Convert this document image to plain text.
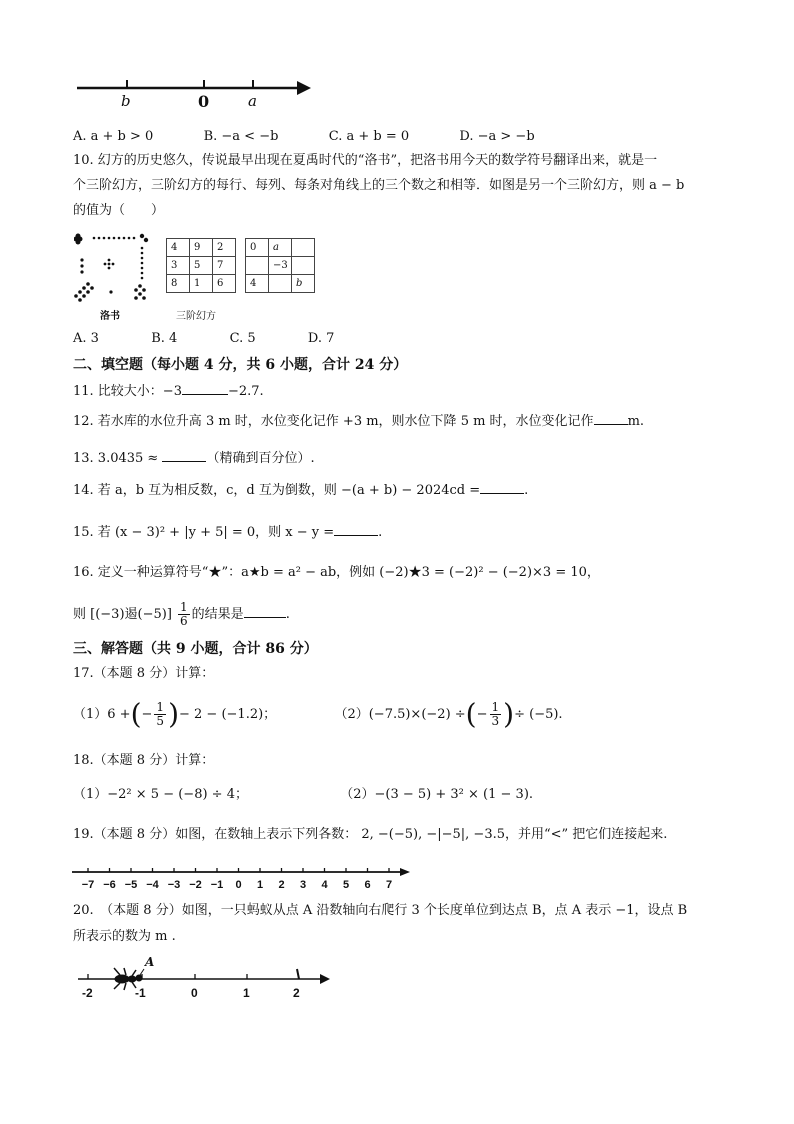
b	0	a
A. a + b > 0	B. −a < −b	C. a + b = 0	D. −a > −b
10. 幻方的历史悠久，传说最早出现在夏禹时代的“洛书”，把洛书用今天的数学符号翻译出来，就是一
个三阶幻方，三阶幻方的每行、每列、每条对角线上的三个数之和相等．如图是另一个三阶幻方，则 a − b
的值为（　　）
洛书
4	9	2
3	5	7
8	1	6
三阶幻方
0	a	
	−3	
4		b
A. 3	B. 4	C. 5	D. 7
二、填空题（每小题 4 分，共 6 小题，合计 24 分）
11. 比较大小：−3	−2.7.
12. 若水库的水位升高 3 m 时，水位变化记作 +3 m，则水位下降 5 m 时，水位变化记作	m.
13. 3.0435 ≈	（精确到百分位）.
14. 若 a，b 互为相反数，c，d 互为倒数，则 −(a + b) − 2024cd =	.
15. 若 (x − 3)² + |y + 5| = 0，则 x − y =	.
16. 定义一种运算符号“★”：a★b = a² − ab，例如 (−2)★3 = (−2)² − (−2)×3 = 10，
则 [(−3)遏$(-5)] \frac{1}{6}$ 的结果是	.
三、解答题（共 9 小题，合计 86 分）
17.（本题 8 分）计算：
（1）6 +(− $\frac{1}{5}$ )− 2 − (−1.2)；	（2）(−7.5)×(−2) ÷(− $\frac{1}{3}$ )÷ (−5).
18.（本题 8 分）计算：
（1）−2² × 5 − (−8) ÷ 4；	（2）−(3 − 5) + 3² × (1 − 3).
19.（本题 8 分）如图，在数轴上表示下列各数： 2, −(−5), −|−5|, −3.5，并用“<” 把它们连接起来.
−7 −6 −5 −4 −3 −2 −1 0 1 2 3 4 5 6 7
20.　（本题 8 分）如图，一只蚂蚁从点 A 沿数轴向右爬行 3 个长度单位到达点 B，点 A 表示 −1，设点 B
所表示的数为 m .
A
-2	-1	0	1	2
